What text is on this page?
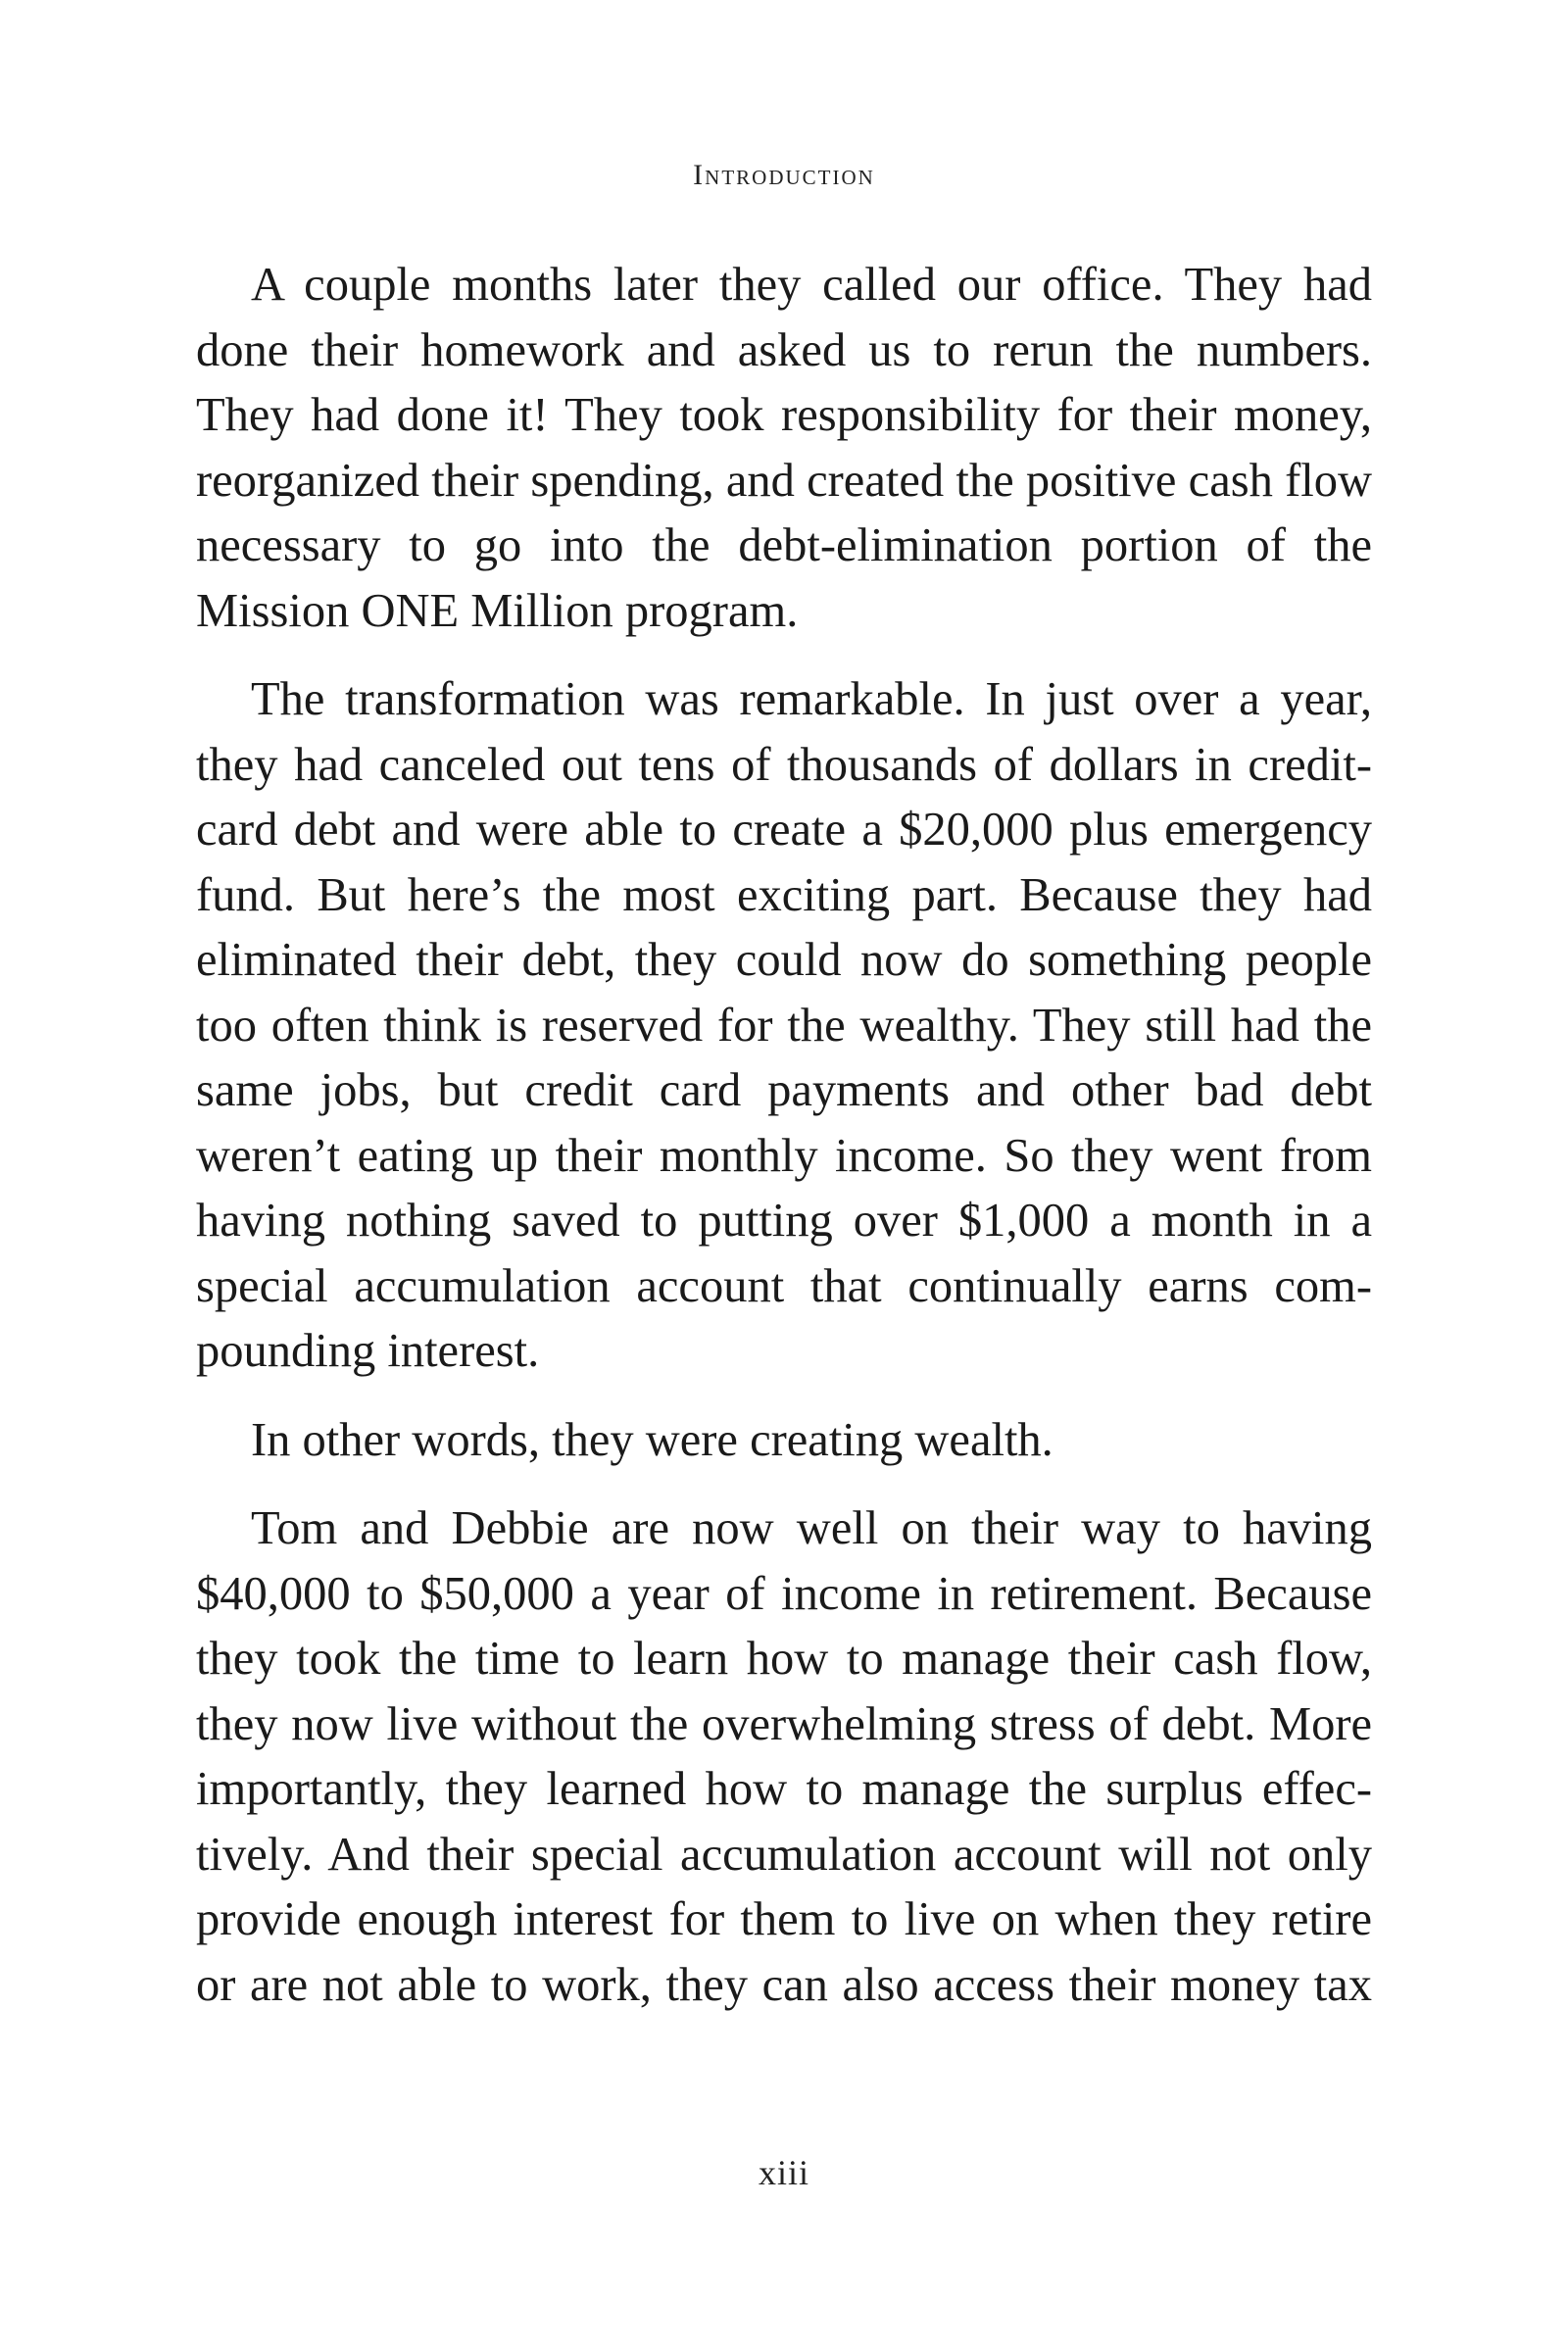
Introduction

A couple months later they called our office. They had done their homework and asked us to rerun the numbers. They had done it! They took responsibility for their money, reorganized their spending, and created the positive cash flow necessary to go into the debt-elimination portion of the Mission ONE Million program.

The transformation was remarkable. In just over a year, they had canceled out tens of thousands of dollars in credit-card debt and were able to create a $20,000 plus emergency fund. But here’s the most exciting part. Because they had eliminated their debt, they could now do something people too often think is reserved for the wealthy. They still had the same jobs, but credit card payments and other bad debt weren’t eating up their monthly income. So they went from having nothing saved to putting over $1,000 a month in a special accumulation account that continually earns compounding interest.

In other words, they were creating wealth.

Tom and Debbie are now well on their way to having $40,000 to $50,000 a year of income in retirement. Because they took the time to learn how to manage their cash flow, they now live without the overwhelming stress of debt. More importantly, they learned how to manage the surplus effectively. And their special accumulation account will not only provide enough interest for them to live on when they retire or are not able to work, they can also access their money tax

xiii
